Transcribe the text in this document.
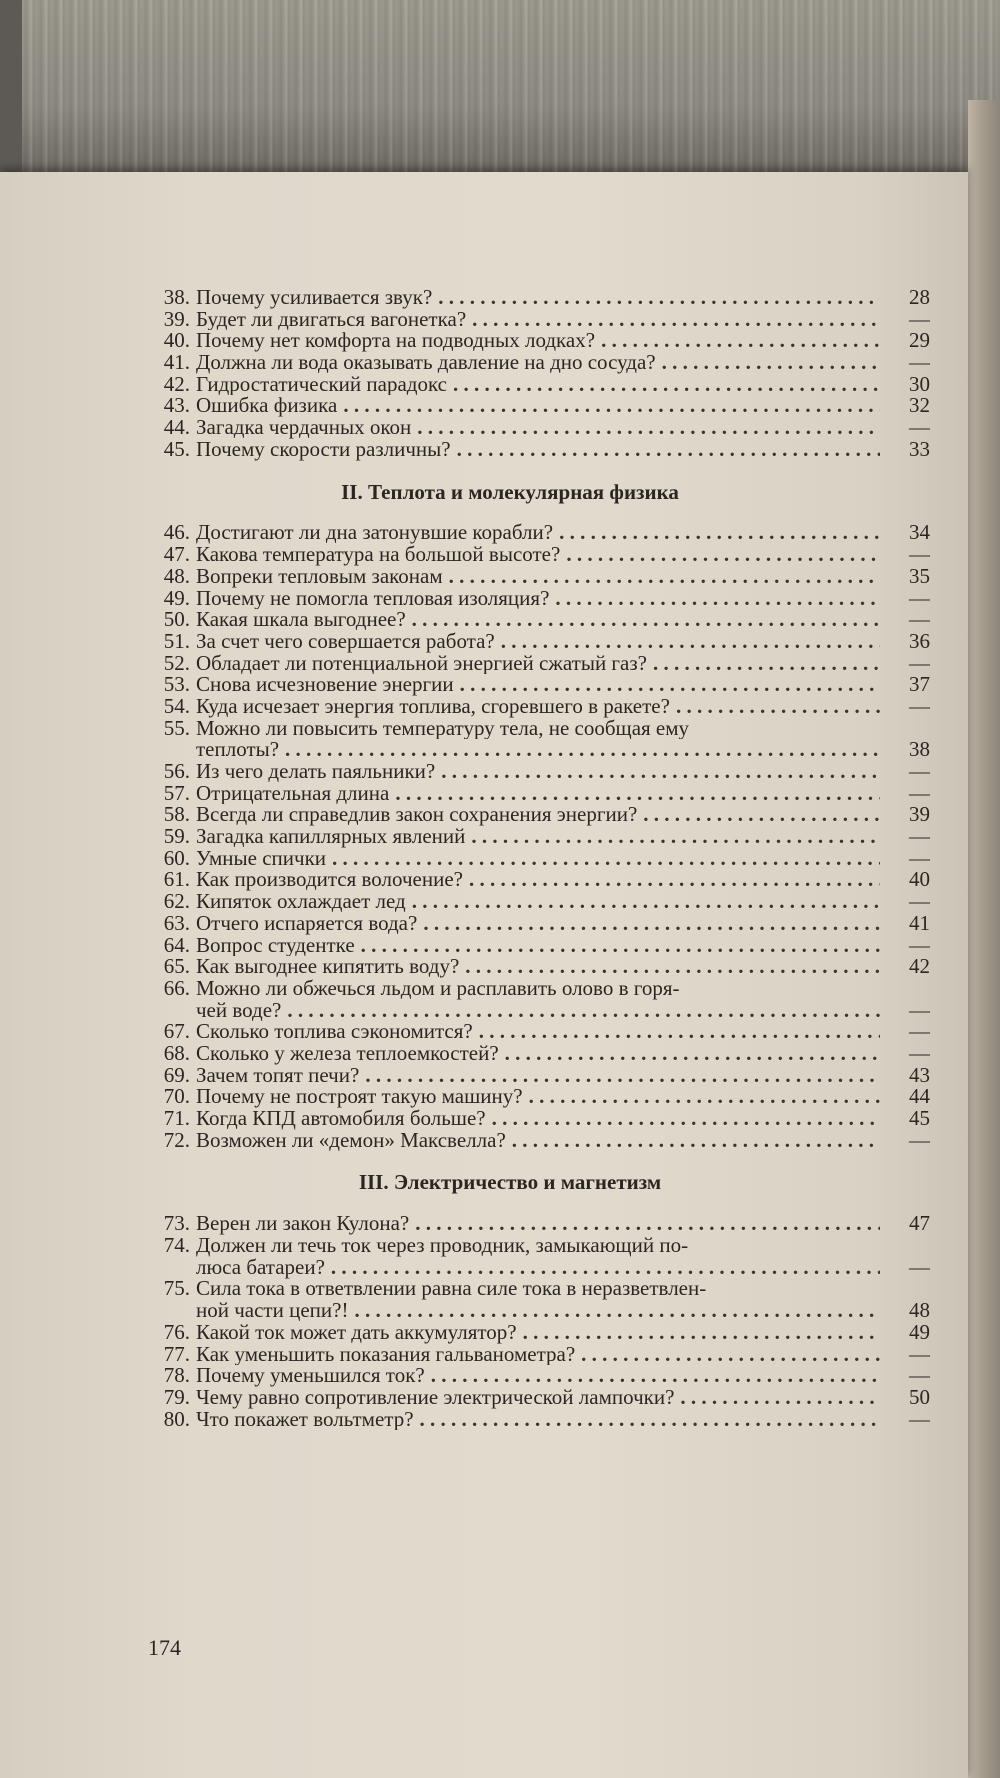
38. Почему усиливается звук? . . .	28
39. Будет ли двигаться вагонетка? . . .	—
40. Почему нет комфорта на подводных лодках? . . .	29
41. Должна ли вода оказывать давление на дно сосуда? . . .	—
42. Гидростатический парадокс . . .	30
43. Ошибка физика . . .	32
44. Загадка чердачных окон . . .	—
45. Почему скорости различны? . . .	33
II. Теплота и молекулярная физика
46. Достигают ли дна затонувшие корабли? . . .	34
47. Какова температура на большой высоте? . . .	—
48. Вопреки тепловым законам . . .	35
49. Почему не помогла тепловая изоляция? . . .	—
50. Какая шкала выгоднее? . . .	—
51. За счет чего совершается работа? . . .	36
52. Обладает ли потенциальной энергией сжатый газ? . . .	—
53. Снова исчезновение энергии . . .	37
54. Куда исчезает энергия топлива, сгоревшего в ракете? . . .	—
55. Можно ли повысить температуру тела, не сообщая ему
теплоты? . . .	38
56. Из чего делать паяльники? . . .	—
57. Отрицательная длина . . .	—
58. Всегда ли справедлив закон сохранения энергии? . . .	39
59. Загадка капиллярных явлений . . .	—
60. Умные спички . . .	—
61. Как производится волочение? . . .	40
62. Кипяток охлаждает лед . . .	—
63. Отчего испаряется вода? . . .	41
64. Вопрос студентке . . .	—
65. Как выгоднее кипятить воду? . . .	42
66. Можно ли обжечься льдом и расплавить олово в горя-
чей воде? . . .	—
67. Сколько топлива сэкономится? . . .	—
68. Сколько у железа теплоемкостей? . . .	—
69. Зачем топят печи? . . .	43
70. Почему не построят такую машину? . . .	44
71. Когда КПД автомобиля больше? . . .	45
72. Возможен ли «демон» Максвелла? . . .	—
III. Электричество и магнетизм
73. Верен ли закон Кулона? . . .	47
74. Должен ли течь ток через проводник, замыкающий по-
люса батареи? . . .	—
75. Сила тока в ответвлении равна силе тока в неразветвлен-
ной части цепи?! . . .	48
76. Какой ток может дать аккумулятор? . . .	49
77. Как уменьшить показания гальванометра? . . .	—
78. Почему уменьшился ток? . . .	—
79. Чему равно сопротивление электрической лампочки? . . .	50
80. Что покажет вольтметр? . . .	—
174
